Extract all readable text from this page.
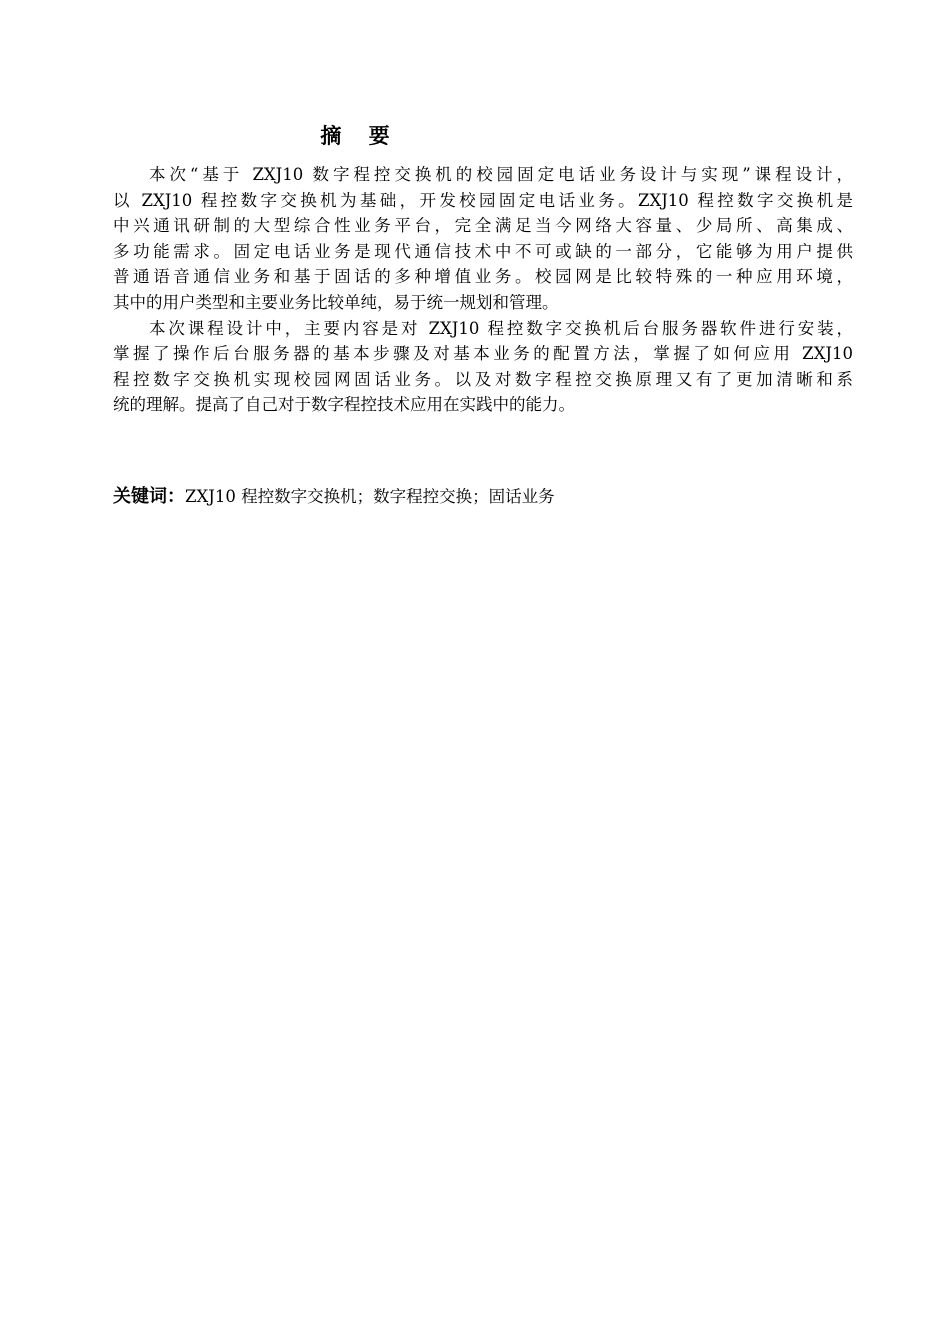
摘 要
本次“基于 ZXJ10 数字程控交换机的校园固定电话业务设计与实现”课程设计，
以 ZXJ10 程控数字交换机为基础，开发校园固定电话业务。ZXJ10 程控数字交换机是
中兴通讯研制的大型综合性业务平台，完全满足当今网络大容量、少局所、高集成、
多功能需求。固定电话业务是现代通信技术中不可或缺的一部分，它能够为用户提供
普通语音通信业务和基于固话的多种增值业务。校园网是比较特殊的一种应用环境，
其中的用户类型和主要业务比较单纯，易于统一规划和管理。
本次课程设计中，主要内容是对 ZXJ10 程控数字交换机后台服务器软件进行安装，
掌握了操作后台服务器的基本步骤及对基本业务的配置方法，掌握了如何应用 ZXJ10
程控数字交换机实现校园网固话业务。以及对数字程控交换原理又有了更加清晰和系
统的理解。提高了自己对于数字程控技术应用在实践中的能力。
关键词：ZXJ10 程控数字交换机；数字程控交换；固话业务
